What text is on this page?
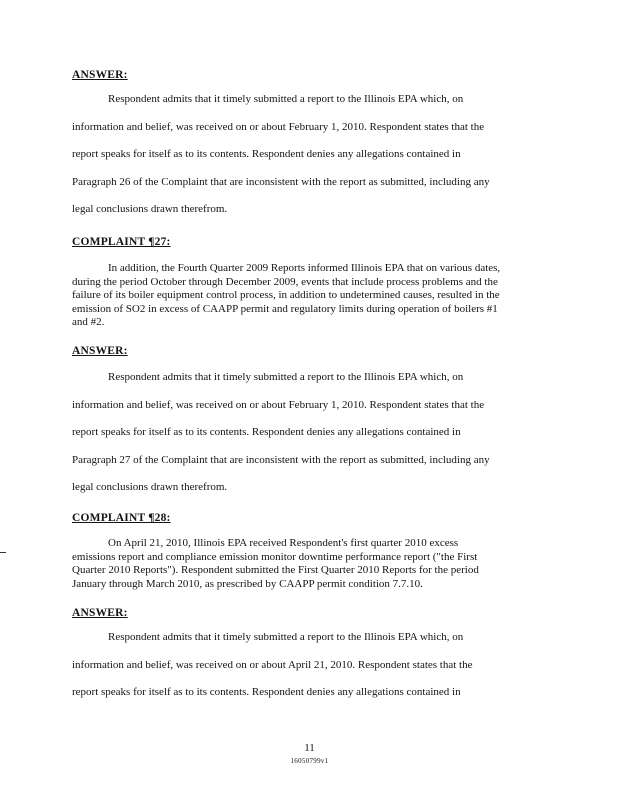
ANSWER:

Respondent admits that it timely submitted a report to the Illinois EPA which, on
information and belief, was received on or about February 1, 2010. Respondent states that the
report speaks for itself as to its contents. Respondent denies any allegations contained in
Paragraph 26 of the Complaint that are inconsistent with the report as submitted, including any
legal conclusions drawn therefrom.

COMPLAINT ¶27:

In addition, the Fourth Quarter 2009 Reports informed Illinois EPA that on various dates,
during the period October through December 2009, events that include process problems and the
failure of its boiler equipment control process, in addition to undetermined causes, resulted in the
emission of SO2 in excess of CAAPP permit and regulatory limits during operation of boilers #1
and #2.

ANSWER:

Respondent admits that it timely submitted a report to the Illinois EPA which, on
information and belief, was received on or about February 1, 2010. Respondent states that the
report speaks for itself as to its contents. Respondent denies any allegations contained in
Paragraph 27 of the Complaint that are inconsistent with the report as submitted, including any
legal conclusions drawn therefrom.

COMPLAINT ¶28:

On April 21, 2010, Illinois EPA received Respondent's first quarter 2010 excess
emissions report and compliance emission monitor downtime performance report ("the First
Quarter 2010 Reports"). Respondent submitted the First Quarter 2010 Reports for the period
January through March 2010, as prescribed by CAAPP permit condition 7.7.10.

ANSWER:

Respondent admits that it timely submitted a report to the Illinois EPA which, on
information and belief, was received on or about April 21, 2010. Respondent states that the
report speaks for itself as to its contents. Respondent denies any allegations contained in

11

16050799v1
